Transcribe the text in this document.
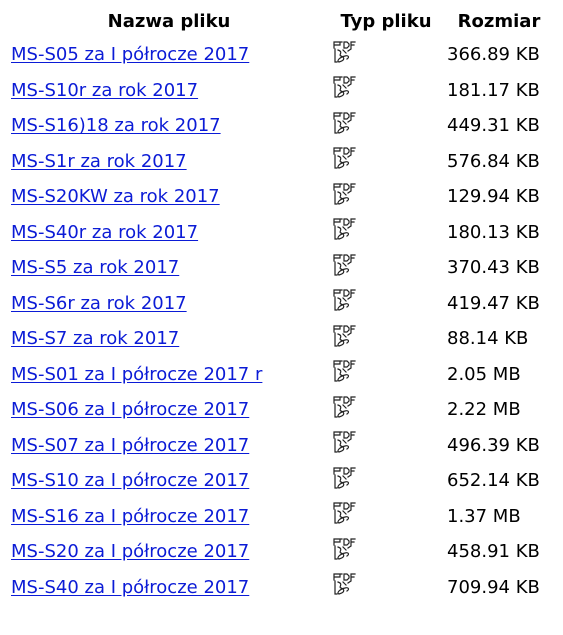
Nazwa pliku	Typ pliku	Rozmiar
MS-S05 za I półrocze 2017		366.89 KB
MS-S10r za rok 2017		181.17 KB
MS-S16)18 za rok 2017		449.31 KB
MS-S1r za rok 2017		576.84 KB
MS-S20KW za rok 2017		129.94 KB
MS-S40r za rok 2017		180.13 KB
MS-S5 za rok 2017		370.43 KB
MS-S6r za rok 2017		419.47 KB
MS-S7 za rok 2017		88.14 KB
MS-S01 za I półrocze 2017 r		2.05 MB
MS-S06 za I półrocze 2017		2.22 MB
MS-S07 za I półrocze 2017		496.39 KB
MS-S10 za I półrocze 2017		652.14 KB
MS-S16 za I półrocze 2017		1.37 MB
MS-S20 za I półrocze 2017		458.91 KB
MS-S40 za I półrocze 2017		709.94 KB
